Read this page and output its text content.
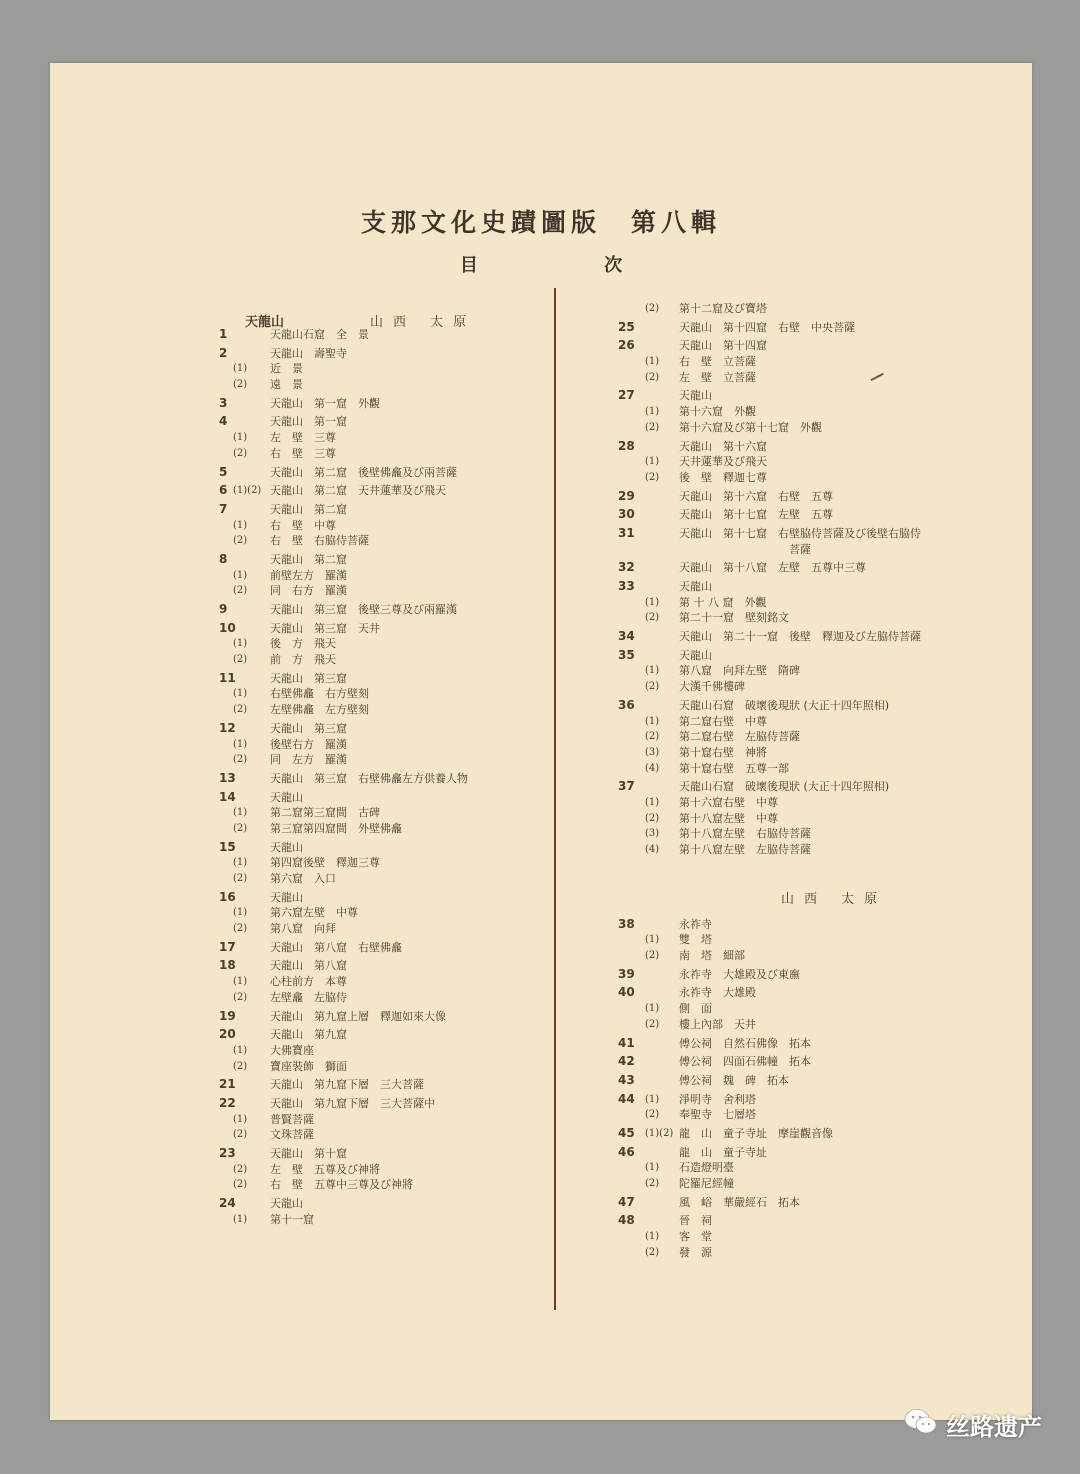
支那文化史蹟圖版　第八輯
目 次
天龍山	山西 太原
1	天龍山石窟　全　景
2	天龍山　壽聖寺
(1) 近　景
(2) 遠　景
3	天龍山　第一窟　外觀
4	天龍山　第一窟
(1) 左　壁　三尊
(2) 右　壁　三尊
5	天龍山　第二窟　後壁佛龕及び兩菩薩
6 (1)(2) 天龍山　第二窟　天井蓮華及び飛天
7	天龍山　第二窟
(1) 右　壁　中尊
(2) 右　壁　右脇侍菩薩
8	天龍山　第二窟
(1) 前壁左方　羅漢
(2) 同　右方　羅漢
9	天龍山　第三窟　後壁三尊及び兩羅漢
10	天龍山　第三窟　天井
(1) 後　方　飛天
(2) 前　方　飛天
11	天龍山　第三窟
(1) 右壁佛龕　右方壁刻
(2) 左壁佛龕　左方壁刻
12	天龍山　第三窟
(1) 後壁右方　羅漢
(2) 同　左方　羅漢
13	天龍山　第三窟　右壁佛龕左方供養人物
14	天龍山
(1) 第二窟第三窟間　古碑
(2) 第三窟第四窟間　外壁佛龕
15	天龍山
(1) 第四窟後壁　釋迦三尊
(2) 第六窟　入口
16	天龍山
(1) 第六窟左壁　中尊
(2) 第八窟　向拜
17	天龍山　第八窟　右壁佛龕
18	天龍山　第八窟
(1) 心柱前方　本尊
(2) 左壁龕　左脇侍
19	天龍山　第九窟上層　釋迦如來大像
20	天龍山　第九窟
(1) 大佛寶座
(2) 寶座裝飾　獅面
21	天龍山　第九窟下層　三大菩薩
22	天龍山　第九窟下層　三大菩薩中
(1) 普賢菩薩
(2) 文珠菩薩
23	天龍山　第十窟
(2) 左　壁　五尊及び神將
(2) 右　壁　五尊中三尊及び神將
24	天龍山
(1) 第十一窟
(2) 第十二窟及び寶塔
25	天龍山　第十四窟　右壁　中央菩薩
26	天龍山　第十四窟
(1) 右　壁　立菩薩
(2) 左　壁　立菩薩
27	天龍山
(1) 第十六窟　外觀
(2) 第十六窟及び第十七窟　外觀
28	天龍山　第十六窟
(1) 天井蓮華及び飛天
(2) 後　壁　釋迦七尊
29	天龍山　第十六窟　右壁　五尊
30	天龍山　第十七窟　左壁　五尊
31	天龍山　第十七窟　右壁脇侍菩薩及び後壁右脇侍
　　　　　　　　　　菩薩
32	天龍山　第十八窟　左壁　五尊中三尊
33	天龍山
(1) 第 十 八 窟　外觀
(2) 第二十一窟　壁刻銘文
34	天龍山　第二十一窟　後壁　釋迦及び左脇侍菩薩
35	天龍山
(1) 第八窟　向拜左壁　隋碑
(2) 大漢千佛樓碑
36	天龍山石窟　破壞後現狀 (大正十四年照相)
(1) 第二窟右壁　中尊
(2) 第二窟右壁　左脇侍菩薩
(3) 第十窟右壁　神將
(4) 第十窟右壁　五尊一部
37	天龍山石窟　破壞後現狀 (大正十四年照相)
(1) 第十六窟右壁　中尊
(2) 第十八窟左壁　中尊
(3) 第十八窟左壁　右脇侍菩薩
(4) 第十八窟左壁　左脇侍菩薩
山西 太原
38	永祚寺
(1) 雙　塔
(2) 南　塔　細部
39	永祚寺　大雄殿及び東廡
40	永祚寺　大雄殿
(1) 側　面
(2) 樓上內部　天井
41	傅公祠　自然石佛像　拓本
42	傅公祠　四面石佛幢　拓本
43	傅公祠　魏　碑　拓本
44	(1) 淨明寺　舍利塔
(2) 奉聖寺　七層塔
45	(1)(2) 龍　山　童子寺址　摩崖觀音像
46	龍　山　童子寺址
(1) 石造燈明臺
(2) 陀羅尼經幢
47	風　峪　華嚴經石　拓本
48	晉　祠
(1) 客　堂
(2) 發　源
丝路遗产
